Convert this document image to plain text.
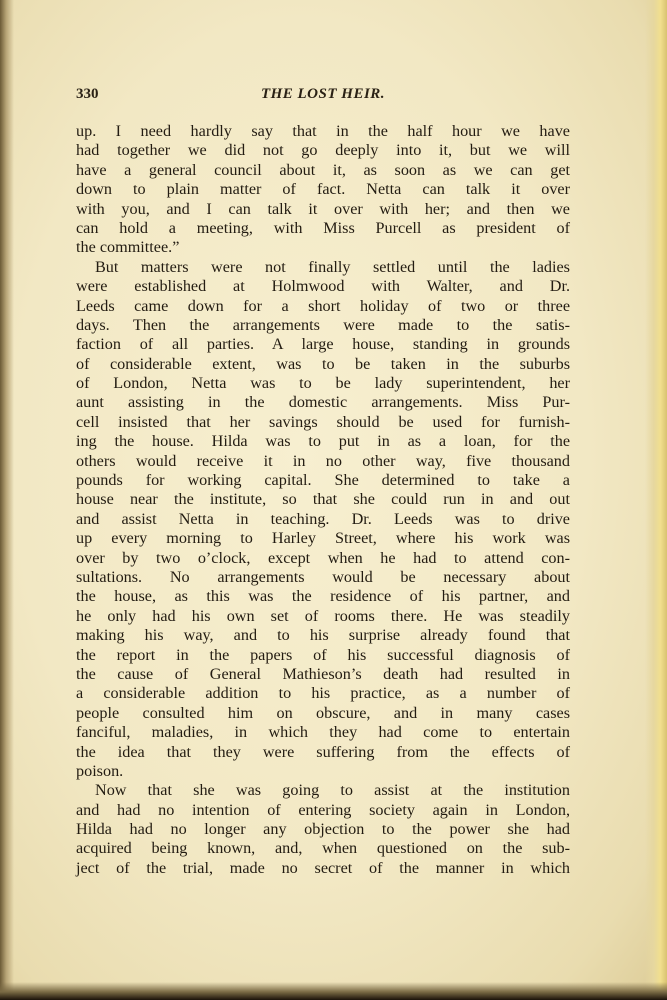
330	THE LOST HEIR.
up. I need hardly say that in the half hour we have
had together we did not go deeply into it, but we will
have a general council about it, as soon as we can get
down to plain matter of fact. Netta can talk it over
with you, and I can talk it over with her; and then we
can hold a meeting, with Miss Purcell as president of
the committee.”
But matters were not finally settled until the ladies
were established at Holmwood with Walter, and Dr.
Leeds came down for a short holiday of two or three
days. Then the arrangements were made to the satis-
faction of all parties. A large house, standing in grounds
of considerable extent, was to be taken in the suburbs
of London, Netta was to be lady superintendent, her
aunt assisting in the domestic arrangements. Miss Pur-
cell insisted that her savings should be used for furnish-
ing the house. Hilda was to put in as a loan, for the
others would receive it in no other way, five thousand
pounds for working capital. She determined to take a
house near the institute, so that she could run in and out
and assist Netta in teaching. Dr. Leeds was to drive
up every morning to Harley Street, where his work was
over by two o’clock, except when he had to attend con-
sultations. No arrangements would be necessary about
the house, as this was the residence of his partner, and
he only had his own set of rooms there. He was steadily
making his way, and to his surprise already found that
the report in the papers of his successful diagnosis of
the cause of General Mathieson’s death had resulted in
a considerable addition to his practice, as a number of
people consulted him on obscure, and in many cases
fanciful, maladies, in which they had come to entertain
the idea that they were suffering from the effects of
poison.
Now that she was going to assist at the institution
and had no intention of entering society again in London,
Hilda had no longer any objection to the power she had
acquired being known, and, when questioned on the sub-
ject of the trial, made no secret of the manner in which
